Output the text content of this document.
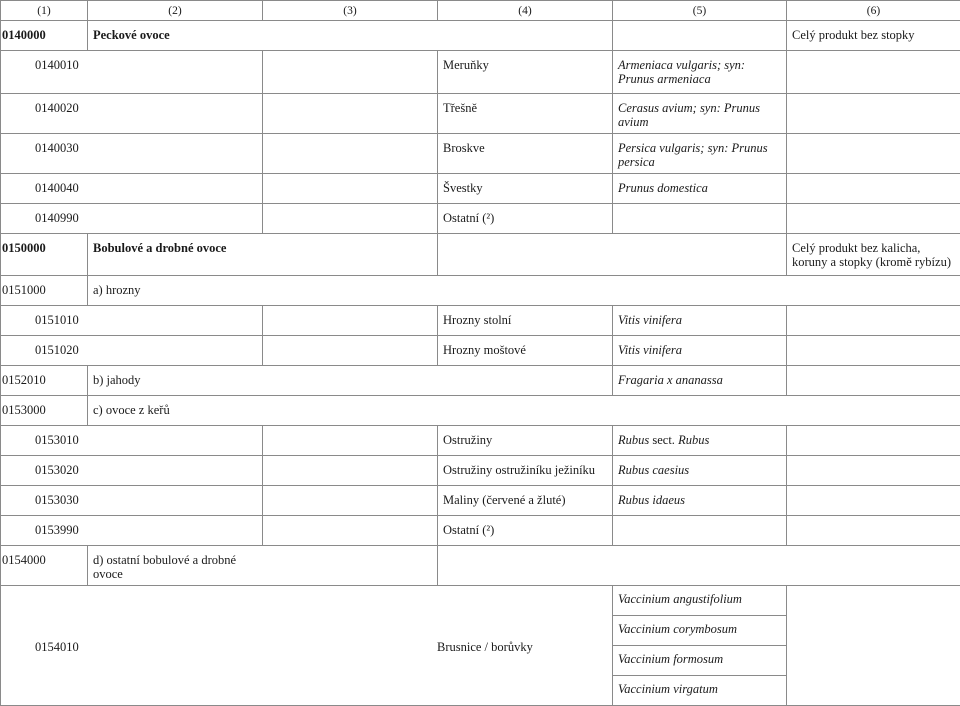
(1)	(2)	(3)	(4)	(5)	(6)
0140000	Peckové ovoce				Celý produkt bez stopky
0140010			Meruňky	Armeniaca vulgaris; syn: Prunus armeniaca	
0140020			Třešně	Cerasus avium; syn: Prunus avium	
0140030			Broskve	Persica vulgaris; syn: Prunus persica	
0140040			Švestky	Prunus domestica	
0140990			Ostatní (²)		
0150000	Bobulové a drobné ovoce				Celý produkt bez kalicha, koruny a stopky (kromě rybízu)
0151000	a) hrozny				
0151010			Hrozny stolní	Vitis vinifera	
0151020			Hrozny moštové	Vitis vinifera	
0152010	b) jahody			Fragaria x ananassa	
0153000	c) ovoce z keřů				
0153010			Ostružiny	Rubus sect. Rubus	
0153020			Ostružiny ostružiníku ježiníku	Rubus caesius	
0153030			Maliny (červené a žluté)	Rubus idaeus	
0153990			Ostatní (²)		
0154000	d) ostatní bobulové a drobné ovoce				

0154010 Brusnice / borůvky				Vaccinium angustifolium	
				Vaccinium corymbosum	
				Vaccinium formosum	
				Vaccinium virgatum	
